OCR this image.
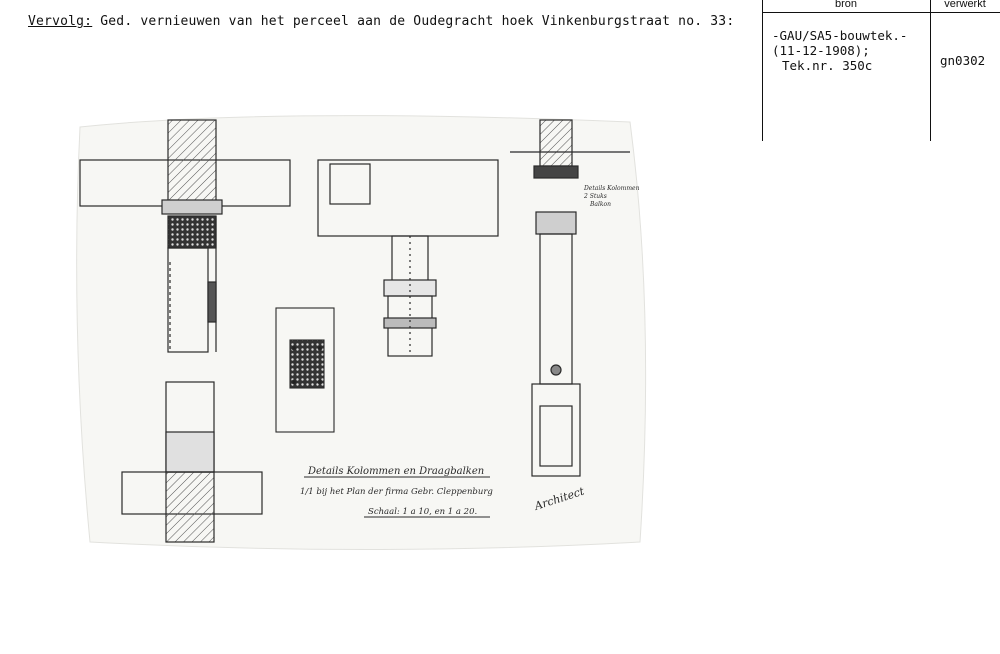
Vervolg: Ged. vernieuwen van het perceel aan de Oudegracht hoek Vinkenburgstraat no. 33:
bron	verwerkt
-GAU/SA5-bouwtek.-
(11-12-1908);
Tek.nr. 350c	gn0302
Details Kolommen en Draagbalken
1/1 bij het Plan der firma Gebr. Cleppenburg
Schaal: 1 a 10, en 1 a 20.
Details Kolommen
2 Stuks
Balkon
Architect
